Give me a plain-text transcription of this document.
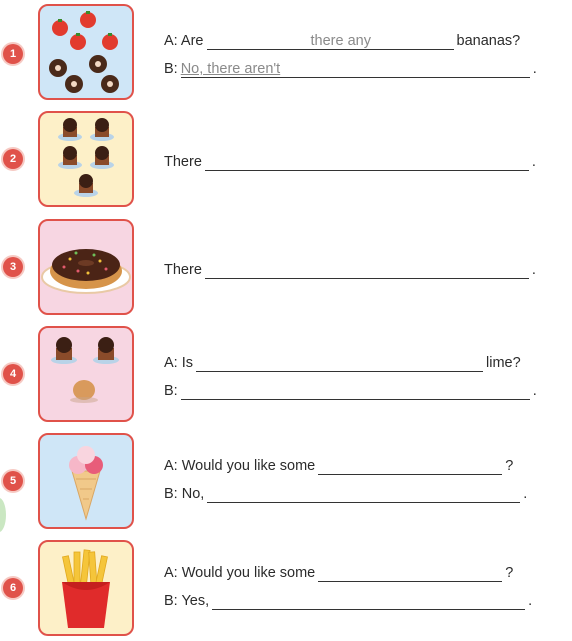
1
A: Are	there any	bananas?
B: No, there aren't	.
2	There	.
3	There	.
4
A: Is	lime?
B:	.
5
A: Would you like some	?
B: No,	.
6
A: Would you like some	?
B: Yes,	.
